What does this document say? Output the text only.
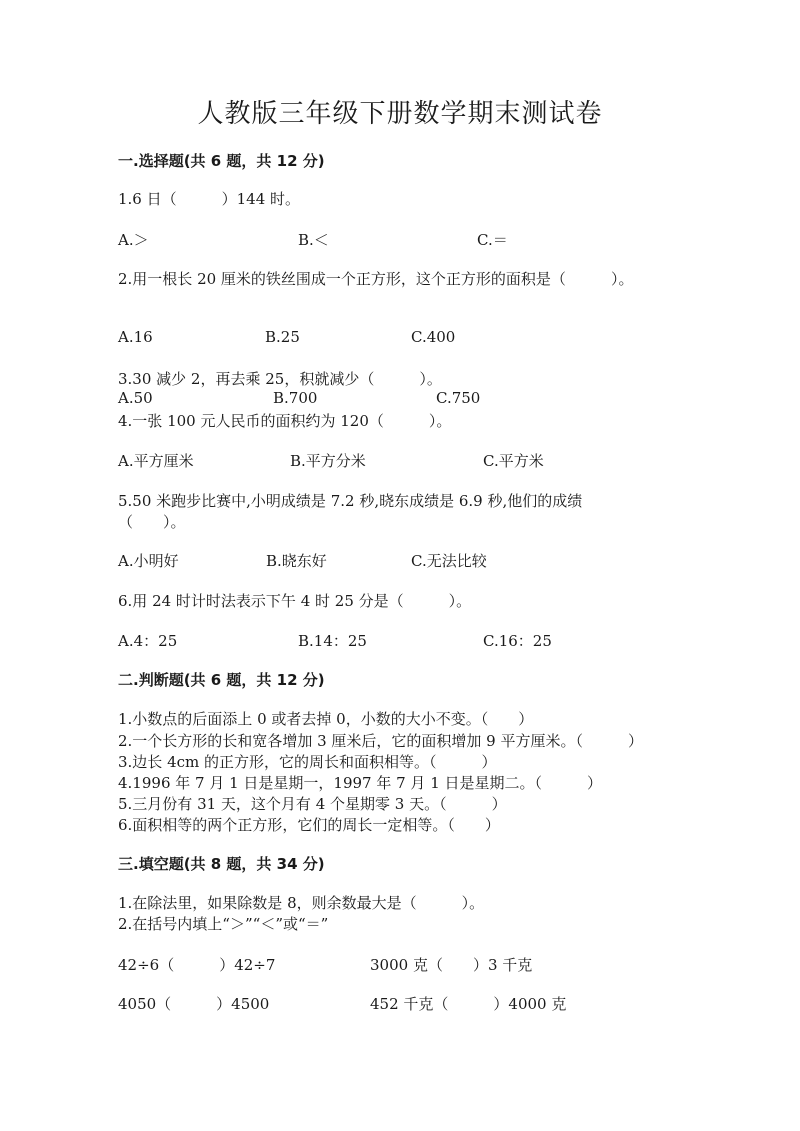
人教版三年级下册数学期末测试卷
一.选择题(共 6 题，共 12 分)
1.6 日（　　　）144 时。
A.＞	B.＜	C.＝
2.用一根长 20 厘米的铁丝围成一个正方形，这个正方形的面积是（　　　）。
A.16	B.25	C.400
3.30 减少 2，再去乘 25，积就减少（　　　）。
A.50	B.700	C.750
4.一张 100 元人民币的面积约为 120（　　　）。
A.平方厘米	B.平方分米	C.平方米
5.50 米跑步比赛中,小明成绩是 7.2 秒,晓东成绩是 6.9 秒,他们的成绩
（　　）。
A.小明好	B.晓东好	C.无法比较
6.用 24 时计时法表示下午 4 时 25 分是（　　　）。
A.4：25	B.14：25	C.16：25
二.判断题(共 6 题，共 12 分)
1.小数点的后面添上 0 或者去掉 0，小数的大小不变。（　　）
2.一个长方形的长和宽各增加 3 厘米后，它的面积增加 9 平方厘米。（　　　）
3.边长 4cm 的正方形，它的周长和面积相等。（　　　）
4.1996 年 7 月 1 日是星期一，1997 年 7 月 1 日是星期二。（　　　）
5.三月份有 31 天，这个月有 4 个星期零 3 天。（　　　）
6.面积相等的两个正方形，它们的周长一定相等。（　　）
三.填空题(共 8 题，共 34 分)
1.在除法里，如果除数是 8，则余数最大是（　　　）。
2.在括号内填上“＞”“＜”或“＝”
42÷6（　　　）42÷7	3000 克（　　）3 千克
4050（　　　）4500	452 千克（　　　）4000 克
